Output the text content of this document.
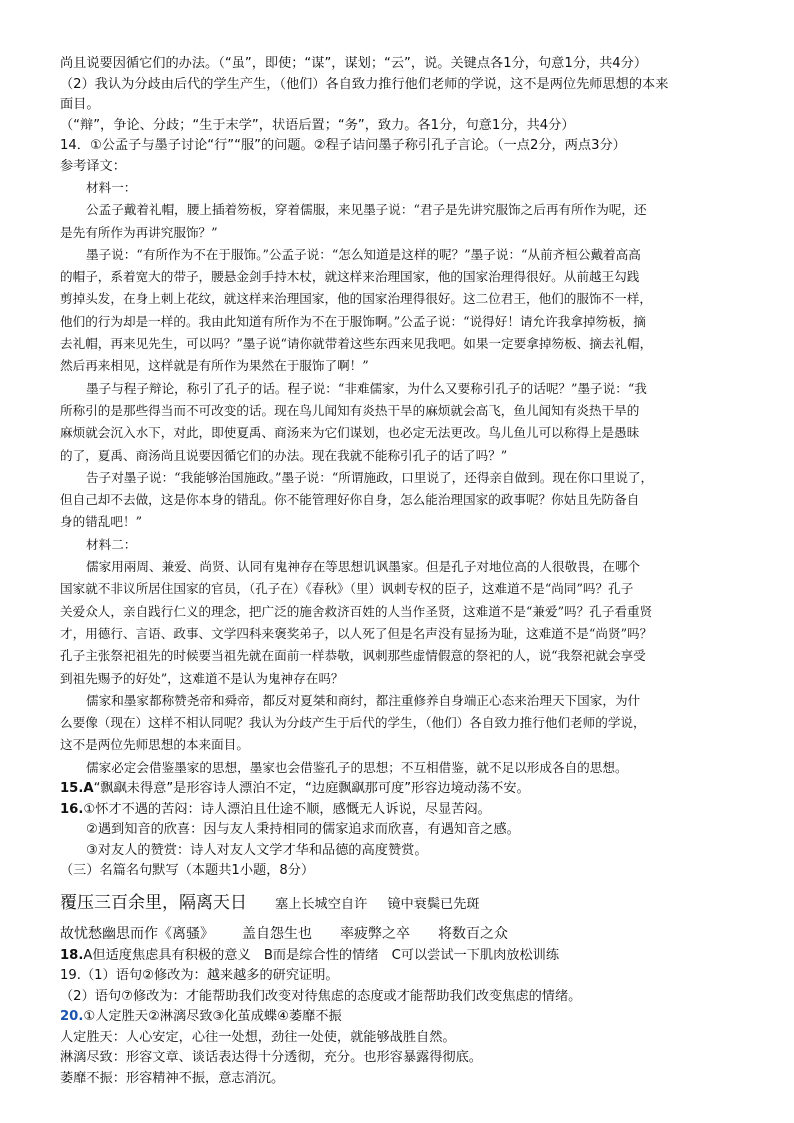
尚且说要因循它们的办法。（“虽”，即使；“谋”，谋划；“云”，说。关键点各1分，句意1分，共4分）
（2）我认为分歧由后代的学生产生，（他们）各自致力推行他们老师的学说，这不是两位先师思想的本来
面目。
（“辩”，争论、分歧；“生于末学”，状语后置；“务”，致力。各1分，句意1分，共4分）
14．①公孟子与墨子讨论“行”“服”的问题。②程子诘问墨子称引孔子言论。（一点2分，两点3分）
参考译文：
材料一：
公孟子戴着礼帽，腰上插着笏板，穿着儒服，来见墨子说：“君子是先讲究服饰之后再有所作为呢，还
是先有所作为再讲究服饰？”
墨子说：“有所作为不在于服饰。”公孟子说：“怎么知道是这样的呢？”墨子说：“从前齐桓公戴着高高
的帽子，系着宽大的带子，腰悬金剑手持木杖，就这样来治理国家，他的国家治理得很好。从前越王勾践
剪掉头发，在身上刺上花纹，就这样来治理国家，他的国家治理得很好。这二位君王，他们的服饰不一样，
他们的行为却是一样的。我由此知道有所作为不在于服饰啊。”公孟子说：“说得好！请允许我拿掉笏板，摘
去礼帽，再来见先生，可以吗？”墨子说“请你就带着这些东西来见我吧。如果一定要拿掉笏板、摘去礼帽，
然后再来相见，这样就是有所作为果然在于服饰了啊！”
墨子与程子辩论，称引了孔子的话。程子说：“非难儒家，为什么又要称引孔子的话呢？”墨子说：“我
所称引的是那些得当而不可改变的话。现在鸟儿闻知有炎热干旱的麻烦就会高飞，鱼儿闻知有炎热干旱的
麻烦就会沉入水下，对此，即使夏禹、商汤来为它们谋划，也必定无法更改。鸟儿鱼儿可以称得上是愚昧
的了，夏禹、商汤尚且说要因循它们的办法。现在我就不能称引孔子的话了吗？”
告子对墨子说：“我能够治国施政。”墨子说：“所谓施政，口里说了，还得亲自做到。现在你口里说了，
但自己却不去做，这是你本身的错乱。你不能管理好你自身，怎么能治理国家的政事呢？你姑且先防备自
身的错乱吧！”
材料二：
儒家用兩周、兼爱、尚贤、认同有鬼神存在等思想讥讽墨家。但是孔子对地位高的人很敬畏，在哪个
国家就不非议所居住国家的官员，（孔子在）《春秋》（里）讽刺专权的臣子，这难道不是“尚同”吗？孔子
关爱众人，亲自践行仁义的理念，把广泛的施舍救济百姓的人当作圣贤，这难道不是“兼爱”吗？孔子看重贤
才，用德行、言语、政事、文学四科来褒奖弟子，以人死了但是名声没有显扬为耻，这难道不是“尚贤”吗？
孔子主张祭祀祖先的时候要当祖先就在面前一样恭敬，讽刺那些虚情假意的祭祀的人，说“我祭祀就会享受
到祖先赐予的好处”，这难道不是认为鬼神存在吗？
儒家和墨家都称赞尧帝和舜帝，都反对夏桀和商纣，都注重修养自身端正心态来治理天下国家，为什
么要像（现在）这样不相认同呢？我认为分歧产生于后代的学生，（他们）各自致力推行他们老师的学说，
这不是两位先师思想的本来面目。
儒家必定会借鉴墨家的思想，墨家也会借鉴孔子的思想；不互相借鉴，就不足以形成各自的思想。
15.A“飘飖未得意”是形容诗人漂泊不定，“边庭飘飖那可度”形容边境动荡不安。
16.①怀才不遇的苦闷：诗人漂泊且仕途不顺，感慨无人诉说，尽显苦闷。
②遇到知音的欣喜：因与友人秉持相同的儒家追求而欣喜，有遇知音之感。
③对友人的赞赏：诗人对友人文学才华和品德的高度赞赏。
（三）名篇名句默写（本题共1小题，8分）
覆压三百余里，隔离天日 塞上长城空自许 镜中衰鬓已先斑
故忧愁幽思而作《离骚》 盖自怨生也 率疲弊之卒 将数百之众
18.A但适度焦虑具有积极的意义　B而是综合性的情绪　C可以尝试一下肌肉放松训练
19.（1）语句②修改为：越来越多的研究证明。
（2）语句⑦修改为：才能帮助我们改变对待焦虑的态度或才能帮助我们改变焦虑的情绪。
20.①人定胜天②淋漓尽致③化茧成蝶④萎靡不振
人定胜天：人心安定，心往一处想，劲往一处使，就能够战胜自然。
淋漓尽致：形容文章、谈话表达得十分透彻，充分。也形容暴露得彻底。
萎靡不振：形容精神不振，意志消沉。
